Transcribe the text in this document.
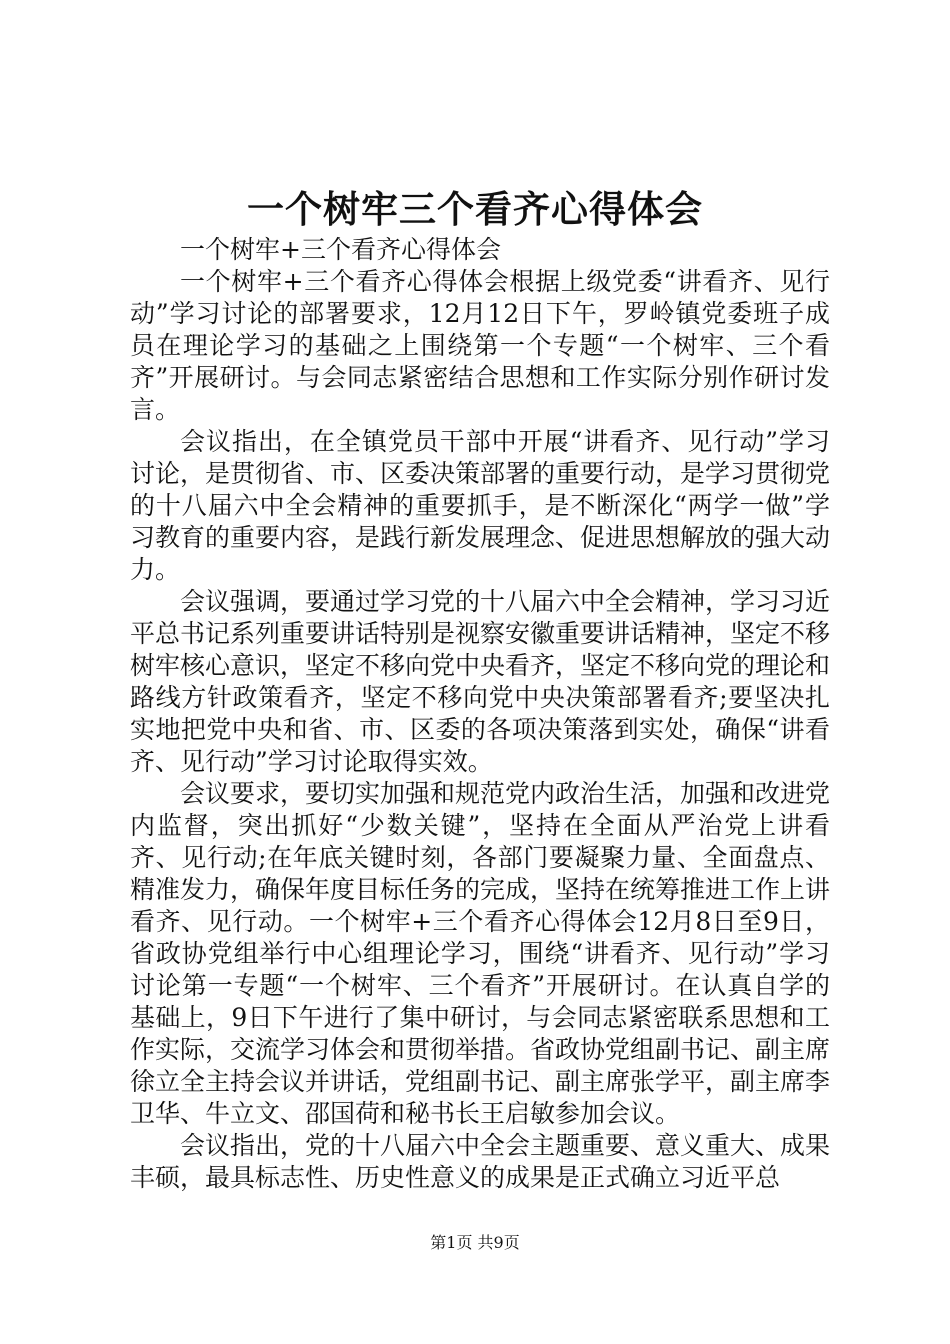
一个树牢三个看齐心得体会

一个树牢+三个看齐心得体会

一个树牢+三个看齐心得体会根据上级党委“讲看齐、见行动”学习讨论的部署要求，12月12日下午，罗岭镇党委班子成员在理论学习的基础之上围绕第一个专题“一个树牢、三个看齐”开展研讨。与会同志紧密结合思想和工作实际分别作研讨发言。

会议指出，在全镇党员干部中开展“讲看齐、见行动”学习讨论，是贯彻省、市、区委决策部署的重要行动，是学习贯彻党的十八届六中全会精神的重要抓手，是不断深化“两学一做”学习教育的重要内容，是践行新发展理念、促进思想解放的强大动力。

会议强调，要通过学习党的十八届六中全会精神，学习习近平总书记系列重要讲话特别是视察安徽重要讲话精神，坚定不移树牢核心意识，坚定不移向党中央看齐，坚定不移向党的理论和路线方针政策看齐，坚定不移向党中央决策部署看齐;要坚决扎实地把党中央和省、市、区委的各项决策落到实处，确保“讲看齐、见行动”学习讨论取得实效。

会议要求，要切实加强和规范党内政治生活，加强和改进党内监督，突出抓好“少数关键”，坚持在全面从严治党上讲看齐、见行动;在年底关键时刻，各部门要凝聚力量、全面盘点、精准发力，确保年度目标任务的完成，坚持在统筹推进工作上讲看齐、见行动。一个树牢+三个看齐心得体会12月8日至9日，省政协党组举行中心组理论学习，围绕“讲看齐、见行动”学习讨论第一专题“一个树牢、三个看齐”开展研讨。在认真自学的基础上，9日下午进行了集中研讨，与会同志紧密联系思想和工作实际，交流学习体会和贯彻举措。省政协党组副书记、副主席徐立全主持会议并讲话，党组副书记、副主席张学平，副主席李卫华、牛立文、邵国荷和秘书长王启敏参加会议。

会议指出，党的十八届六中全会主题重要、意义重大、成果丰硕，最具标志性、历史性意义的成果是正式确立习近平总

第1页 共9页
